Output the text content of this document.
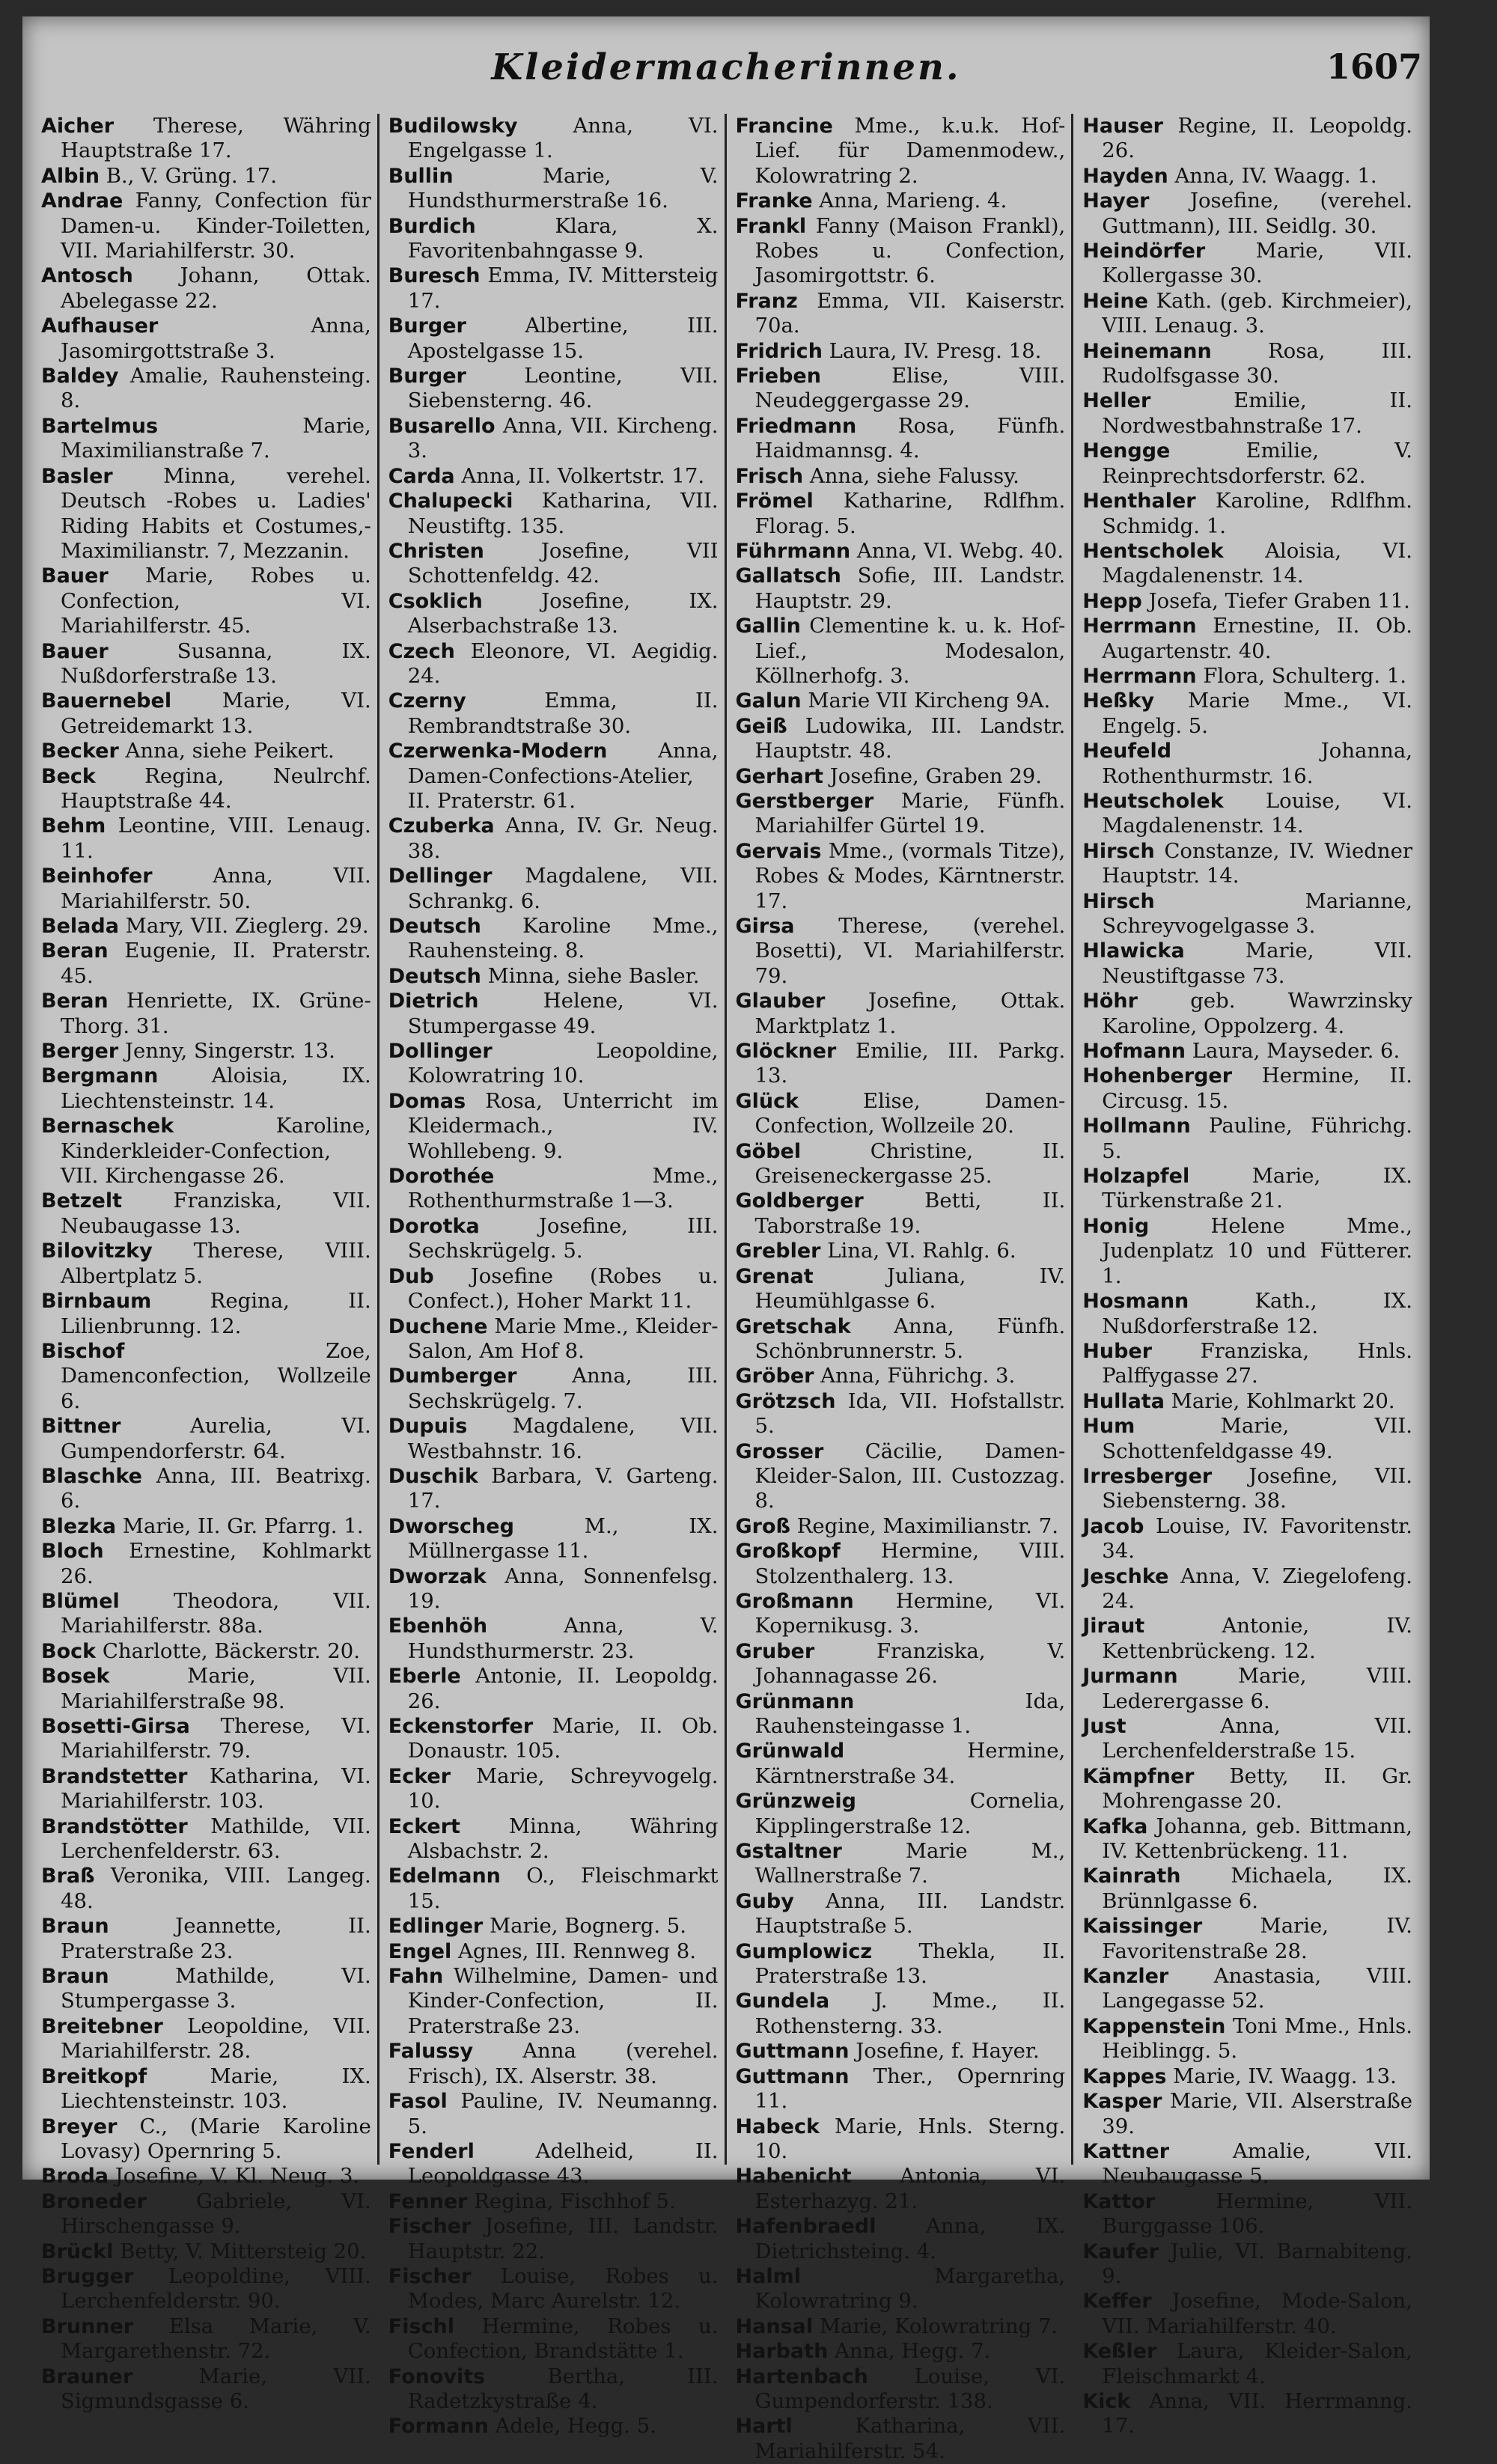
Kleidermacherinnen.	1607
Aicher Therese, Währing Hauptstraße 17.
Albin B., V. Grüng. 17.
Andrae Fanny, Confection für Damen-u. Kinder-Toiletten, VII. Mariahilferstr. 30.
Antosch Johann, Ottak. Abelegasse 22.
Aufhauser Anna, Jasomirgottstraße 3.
Baldey Amalie, Rauhensteing. 8.
Bartelmus Marie, Maximilianstraße 7.
Basler Minna, verehel. Deutsch -Robes u. Ladies' Riding Habits et Costumes,- Maximilianstr. 7, Mezzanin.
Bauer Marie, Robes u. Confection, VI. Mariahilferstr. 45.
Bauer Susanna, IX. Nußdorferstraße 13.
Bauernebel Marie, VI. Getreidemarkt 13.
Becker Anna, siehe Peikert.
Beck Regina, Neulrchf. Hauptstraße 44.
Behm Leontine, VIII. Lenaug. 11.
Beinhofer Anna, VII. Mariahilferstr. 50.
Belada Mary, VII. Zieglerg. 29.
Beran Eugenie, II. Praterstr. 45.
Beran Henriette, IX. Grüne-Thorg. 31.
Berger Jenny, Singerstr. 13.
Bergmann Aloisia, IX. Liechtensteinstr. 14.
Bernaschek Karoline, Kinderkleider-Confection, VII. Kirchengasse 26.
Betzelt Franziska, VII. Neubaugasse 13.
Bilovitzky Therese, VIII. Albertplatz 5.
Birnbaum Regina, II. Lilienbrunng. 12.
Bischof Zoe, Damenconfection, Wollzeile 6.
Bittner Aurelia, VI. Gumpendorferstr. 64.
Blaschke Anna, III. Beatrixg. 6.
Blezka Marie, II. Gr. Pfarrg. 1.
Bloch Ernestine, Kohlmarkt 26.
Blümel Theodora, VII. Mariahilferstr. 88a.
Bock Charlotte, Bäckerstr. 20.
Bosek Marie, VII. Mariahilferstraße 98.
Bosetti-Girsa Therese, VI. Mariahilferstr. 79.
Brandstetter Katharina, VI. Mariahilferstr. 103.
Brandstötter Mathilde, VII. Lerchenfelderstr. 63.
Braß Veronika, VIII. Langeg. 48.
Braun Jeannette, II. Praterstraße 23.
Braun Mathilde, VI. Stumpergasse 3.
Breitebner Leopoldine, VII. Mariahilferstr. 28.
Breitkopf Marie, IX. Liechtensteinstr. 103.
Breyer C., (Marie Karoline Lovasy) Opernring 5.
Broda Josefine, V. Kl. Neug. 3.
Broneder Gabriele, VI. Hirschengasse 9.
Brückl Betty, V. Mittersteig 20.
Brugger Leopoldine, VIII. Lerchenfelderstr. 90.
Brunner Elsa Marie, V. Margarethenstr. 72.
Brauner Marie, VII. Sigmundsgasse 6.
Budilowsky Anna, VI. Engelgasse 1.
Bullin Marie, V. Hundsthurmerstraße 16.
Burdich Klara, X. Favoritenbahngasse 9.
Buresch Emma, IV. Mittersteig 17.
Burger Albertine, III. Apostelgasse 15.
Burger Leontine, VII. Siebensterng. 46.
Busarello Anna, VII. Kircheng. 3.
Carda Anna, II. Volkertstr. 17.
Chalupecki Katharina, VII. Neustiftg. 135.
Christen Josefine, VII Schottenfeldg. 42.
Csoklich Josefine, IX. Alserbachstraße 13.
Czech Eleonore, VI. Aegidig. 24.
Czerny Emma, II. Rembrandtstraße 30.
Czerwenka-Modern Anna, Damen-Confections-Atelier, II. Praterstr. 61.
Czuberka Anna, IV. Gr. Neug. 38.
Dellinger Magdalene, VII. Schrankg. 6.
Deutsch Karoline Mme., Rauhensteing. 8.
Deutsch Minna, siehe Basler.
Dietrich Helene, VI. Stumpergasse 49.
Dollinger Leopoldine, Kolowratring 10.
Domas Rosa, Unterricht im Kleidermach., IV. Wohllebeng. 9.
Dorothée Mme., Rothenthurmstraße 1—3.
Dorotka Josefine, III. Sechskrügelg. 5.
Dub Josefine (Robes u. Confect.), Hoher Markt 11.
Duchene Marie Mme., Kleider-Salon, Am Hof 8.
Dumberger Anna, III. Sechskrügelg. 7.
Dupuis Magdalene, VII. Westbahnstr. 16.
Duschik Barbara, V. Garteng. 17.
Dworscheg M., IX. Müllnergasse 11.
Dworzak Anna, Sonnenfelsg. 19.
Ebenhöh Anna, V. Hundsthurmerstr. 23.
Eberle Antonie, II. Leopoldg. 26.
Eckenstorfer Marie, II. Ob. Donaustr. 105.
Ecker Marie, Schreyvogelg. 10.
Eckert Minna, Währing Alsbachstr. 2.
Edelmann O., Fleischmarkt 15.
Edlinger Marie, Bognerg. 5.
Engel Agnes, III. Rennweg 8.
Fahn Wilhelmine, Damen- und Kinder-Confection, II. Praterstraße 23.
Falussy Anna (verehel. Frisch), IX. Alserstr. 38.
Fasol Pauline, IV. Neumanng. 5.
Fenderl Adelheid, II. Leopoldgasse 43.
Fenner Regina, Fischhof 5.
Fischer Josefine, III. Landstr. Hauptstr. 22.
Fischer Louise, Robes u. Modes, Marc Aurelstr. 12.
Fischl Hermine, Robes u. Confection, Brandstätte 1.
Fonovits Bertha, III. Radetzkystraße 4.
Formann Adele, Hegg. 5.
Francine Mme., k.u.k. Hof-Lief. für Damenmodew., Kolowratring 2.
Franke Anna, Marieng. 4.
Frankl Fanny (Maison Frankl), Robes u. Confection, Jasomirgottstr. 6.
Franz Emma, VII. Kaiserstr. 70a.
Fridrich Laura, IV. Presg. 18.
Frieben Elise, VIII. Neudeggergasse 29.
Friedmann Rosa, Fünfh. Haidmannsg. 4.
Frisch Anna, siehe Falussy.
Frömel Katharine, Rdlfhm. Florag. 5.
Führmann Anna, VI. Webg. 40.
Gallatsch Sofie, III. Landstr. Hauptstr. 29.
Gallin Clementine k. u. k. Hof-Lief., Modesalon, Köllnerhofg. 3.
Galun Marie VII Kircheng 9A.
Geiß Ludowika, III. Landstr. Hauptstr. 48.
Gerhart Josefine, Graben 29.
Gerstberger Marie, Fünfh. Mariahilfer Gürtel 19.
Gervais Mme., (vormals Titze), Robes & Modes, Kärntnerstr. 17.
Girsa Therese, (verehel. Bosetti), VI. Mariahilferstr. 79.
Glauber Josefine, Ottak. Marktplatz 1.
Glöckner Emilie, III. Parkg. 13.
Glück Elise, Damen-Confection, Wollzeile 20.
Göbel Christine, II. Greiseneckergasse 25.
Goldberger Betti, II. Taborstraße 19.
Grebler Lina, VI. Rahlg. 6.
Grenat Juliana, IV. Heumühlgasse 6.
Gretschak Anna, Fünfh. Schönbrunnerstr. 5.
Gröber Anna, Führichg. 3.
Grötzsch Ida, VII. Hofstallstr. 5.
Grosser Cäcilie, Damen-Kleider-Salon, III. Custozzag. 8.
Groß Regine, Maximilianstr. 7.
Großkopf Hermine, VIII. Stolzenthalerg. 13.
Großmann Hermine, VI. Kopernikusg. 3.
Gruber Franziska, V. Johannagasse 26.
Grünmann Ida, Rauhensteingasse 1.
Grünwald Hermine, Kärntnerstraße 34.
Grünzweig Cornelia, Kipplingerstraße 12.
Gstaltner Marie M., Wallnerstraße 7.
Guby Anna, III. Landstr. Hauptstraße 5.
Gumplowicz Thekla, II. Praterstraße 13.
Gundela J. Mme., II. Rothensterng. 33.
Guttmann Josefine, f. Hayer.
Guttmann Ther., Opernring 11.
Habeck Marie, Hnls. Sterng. 10.
Habenicht Antonia, VI. Esterhazyg. 21.
Hafenbraedl Anna, IX. Dietrichsteing. 4.
Halml Margaretha, Kolowratring 9.
Hansal Marie, Kolowratring 7.
Harbath Anna, Hegg. 7.
Hartenbach Louise, VI. Gumpendorferstr. 138.
Hartl Katharina, VII. Mariahilferstr. 54.
Hauser Regine, II. Leopoldg. 26.
Hayden Anna, IV. Waagg. 1.
Hayer Josefine, (verehel. Guttmann), III. Seidlg. 30.
Heindörfer Marie, VII. Kollergasse 30.
Heine Kath. (geb. Kirchmeier), VIII. Lenaug. 3.
Heinemann Rosa, III. Rudolfsgasse 30.
Heller Emilie, II. Nordwestbahnstraße 17.
Hengge Emilie, V. Reinprechtsdorferstr. 62.
Henthaler Karoline, Rdlfhm. Schmidg. 1.
Hentscholek Aloisia, VI. Magdalenenstr. 14.
Hepp Josefa, Tiefer Graben 11.
Herrmann Ernestine, II. Ob. Augartenstr. 40.
Herrmann Flora, Schulterg. 1.
Heßky Marie Mme., VI. Engelg. 5.
Heufeld Johanna, Rothenthurmstr. 16.
Heutscholek Louise, VI. Magdalenenstr. 14.
Hirsch Constanze, IV. Wiedner Hauptstr. 14.
Hirsch Marianne, Schreyvogelgasse 3.
Hlawicka Marie, VII. Neustiftgasse 73.
Höhr geb. Wawrzinsky Karoline, Oppolzerg. 4.
Hofmann Laura, Mayseder. 6.
Hohenberger Hermine, II. Circusg. 15.
Hollmann Pauline, Führichg. 5.
Holzapfel Marie, IX. Türkenstraße 21.
Honig Helene Mme., Judenplatz 10 und Fütterer. 1.
Hosmann Kath., IX. Nußdorferstraße 12.
Huber Franziska, Hnls. Palffygasse 27.
Hullata Marie, Kohlmarkt 20.
Hum Marie, VII. Schottenfeldgasse 49.
Irresberger Josefine, VII. Siebensterng. 38.
Jacob Louise, IV. Favoritenstr. 34.
Jeschke Anna, V. Ziegelofeng. 24.
Jiraut Antonie, IV. Kettenbrückeng. 12.
Jurmann Marie, VIII. Lederergasse 6.
Just Anna, VII. Lerchenfelderstraße 15.
Kämpfner Betty, II. Gr. Mohrengasse 20.
Kafka Johanna, geb. Bittmann, IV. Kettenbrückeng. 11.
Kainrath Michaela, IX. Brünnlgasse 6.
Kaissinger Marie, IV. Favoritenstraße 28.
Kanzler Anastasia, VIII. Langegasse 52.
Kappenstein Toni Mme., Hnls. Heiblingg. 5.
Kappes Marie, IV. Waagg. 13.
Kasper Marie, VII. Alserstraße 39.
Kattner Amalie, VII. Neubaugasse 5.
Kattor Hermine, VII. Burggasse 106.
Kaufer Julie, VI. Barnabiteng. 9.
Keffer Josefine, Mode-Salon, VII. Mariahilferstr. 40.
Keßler Laura, Kleider-Salon, Fleischmarkt 4.
Kick Anna, VII. Herrmanng. 17.
